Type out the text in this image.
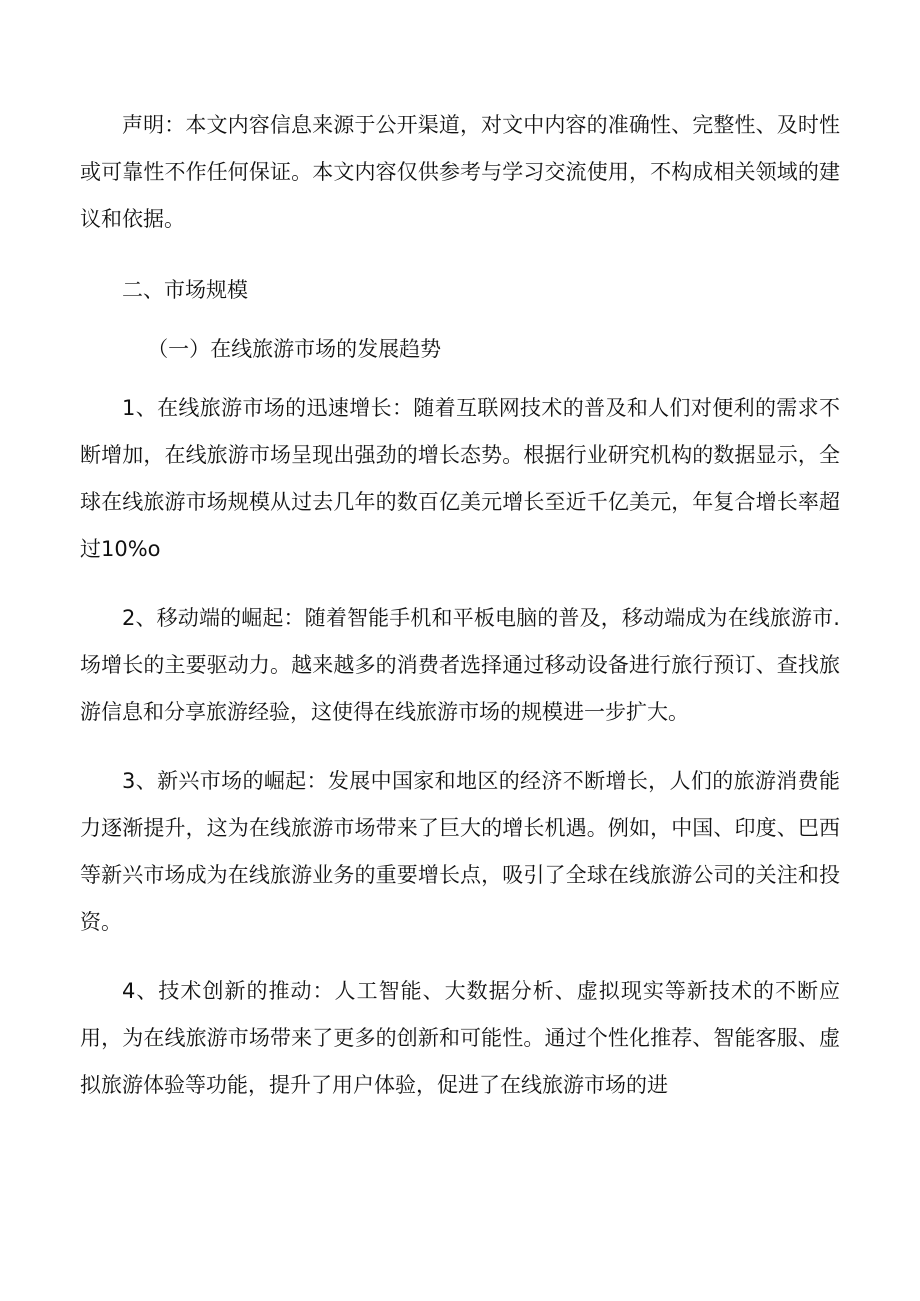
声明：本文内容信息来源于公开渠道，对文中内容的准确性、完整性、及时性或可靠性不作任何保证。本文内容仅供参考与学习交流使用，不构成相关领域的建议和依据。

二、市场规模

（一）在线旅游市场的发展趋势

1、在线旅游市场的迅速增长：随着互联网技术的普及和人们对便利的需求不断增加，在线旅游市场呈现出强劲的增长态势。根据行业研究机构的数据显示，全球在线旅游市场规模从过去几年的数百亿美元增长至近千亿美元，年复合增长率超过10%o

2、移动端的崛起：随着智能手机和平板电脑的普及，移动端成为在线旅游市.场增长的主要驱动力。越来越多的消费者选择通过移动设备进行旅行预订、查找旅游信息和分享旅游经验，这使得在线旅游市场的规模进一步扩大。

3、新兴市场的崛起：发展中国家和地区的经济不断增长，人们的旅游消费能力逐渐提升，这为在线旅游市场带来了巨大的增长机遇。例如，中国、印度、巴西等新兴市场成为在线旅游业务的重要增长点，吸引了全球在线旅游公司的关注和投资。

4、技术创新的推动：人工智能、大数据分析、虚拟现实等新技术的不断应用，为在线旅游市场带来了更多的创新和可能性。通过个性化推荐、智能客服、虚拟旅游体验等功能，提升了用户体验，促进了在线旅游市场的进
